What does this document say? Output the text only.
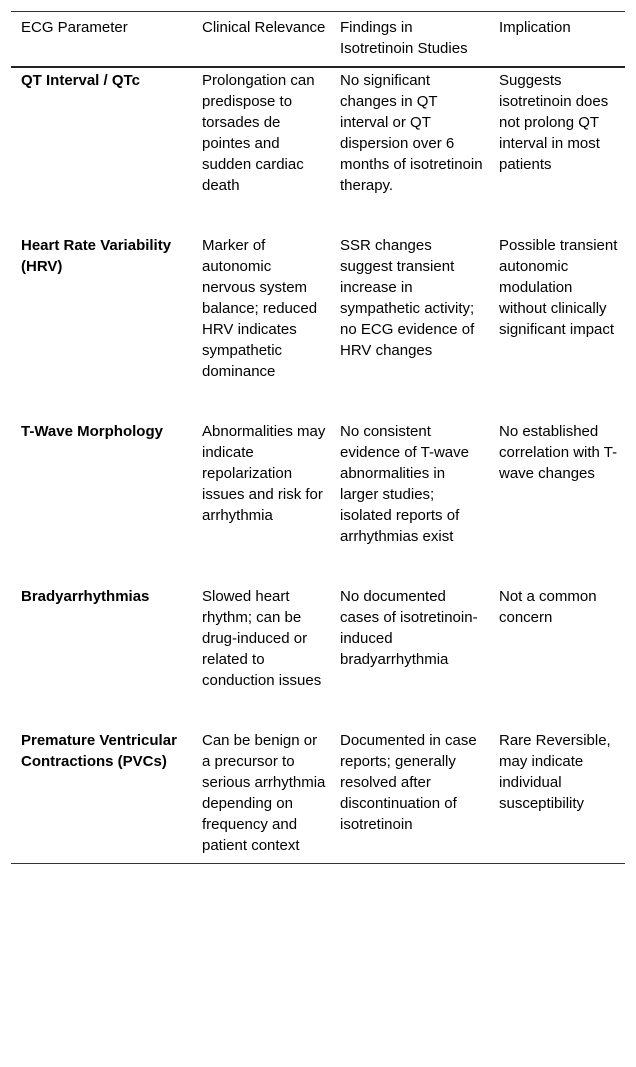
ECG Parameter	Clinical Relevance	Findings in Isotretinoin Studies	Implication
QT Interval / QTc	Prolongation can predispose to torsades de pointes and sudden cardiac death	No significant changes in QT interval or QT dispersion over 6 months of isotretinoin therapy.	Suggests isotretinoin does not prolong QT interval in most patients
Heart Rate Variability (HRV)	Marker of autonomic nervous system balance; reduced HRV indicates sympathetic dominance	SSR changes suggest transient increase in sympathetic activity; no ECG evidence of HRV changes	Possible transient autonomic modulation without clinically significant impact
T-Wave Morphology	Abnormalities may indicate repolarization issues and risk for arrhythmia	No consistent evidence of T-wave abnormalities in larger studies; isolated reports of arrhythmias exist	No established correlation with T-wave changes
Bradyarrhythmias	Slowed heart rhythm; can be drug-induced or related to conduction issues	No documented cases of isotretinoin-induced bradyarrhythmia	Not a common concern
Premature Ventricular Contractions (PVCs)	Can be benign or a precursor to serious arrhythmia depending on frequency and patient context	Documented in case reports; generally resolved after discontinuation of isotretinoin	Rare Reversible, may indicate individual susceptibility
